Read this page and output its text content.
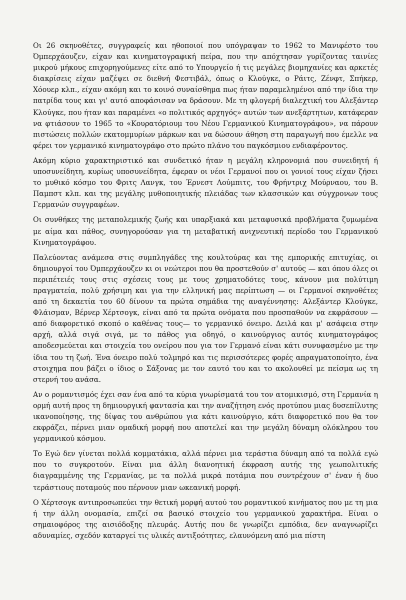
Οι 26 σκηνοθέτες, συγγραφείς και ηθοποιοί που υπόγραψαν το 1962 το Μανιφέστο του Όμπερχάουζεν, είχαν και κινηματογραφική πείρα, που την απόχτησαν γυρίζοντας ταινίες μικρού μήκους επιχορηγούμενες είτε από το Υπουργείο ή τις μεγάλες βιομηχανίες και αρκετές διακρίσεις είχαν μαζέψει σε διεθνή Φεστιβάλ, όπως ο Κλούγκε, ο Ράιτς, Ζένφτ, Σπήκερ, Χόουερ κλπ., είχαν ακόμη και το κοινό συναίσθημα πως ήταν παραμελημένοι από την ίδια την πατρίδα τους και γι' αυτό αποφάσισαν να δράσουν. Με τη φλογερή διαλεχτική του Αλεξάντερ Κλούγκε, που ήταν και παραμένει «ο πολιτικός αρχηγός» αυτών των ανεξάρτητων, κατάφεραν να φτιάσουν το 1965 το «Κουρατόριουμ του Νέου Γερμανικού Κινηματογράφου», να πάρουν πιστώσεις πολλών εκατομμυρίων μάρκων και να δώσουν άθηση στη παραγωγή που έμελλε να φέρει τον γερμανικό κινηματογράφο στο πρώτο πλάνο του παγκόσμιου ενδιαφέροντος.

Ακόμη κύριο χαρακτηριστικό και συνδετικό ήταν η μεγάλη κληρονομιά που συνειδητή ή υποσυνείδητη, κυρίως υποσυνείδητα, έφεραν οι νέοι Γερμανοί που οι γονιοί τους είχαν ζήσει το μυθικό κόσμο του Φριτς Λανγκ, του Έρνεστ Λούμπιτς, του Φρήντριχ Μούρναου, του Β. Παμπστ κλπ. και της μεγάλης μυθοποιητικής πλειάδας των κλασσικών και σύγχρονων τους Γερμανών συγγραφέων.

Οι συνθήκες της μεταπολεμικής ζωής και υπαρξιακά και μεταφυσικά προβλήματα ζυμωμένα με αίμα και πάθος, συνηγορούσαν για τη μεταβατική ανιχνευτική περίοδο του Γερμανικού Κινηματογράφου.

Παλεύοντας ανάμεσα στις συμπληγάδες της κουλτούρας και της εμπορικής επιτυχίας, οι δημιουργοί του Όμπερχάουζεν κι οι νεώτεροι που θα προστεθούν σ' αυτούς — και όπου όλες οι περιπέτειές τους στις σχέσεις τους με τους χρηματοδότες τους, κάνουν μια πολύτιμη πραγματεία, πολύ χρήσιμη και για την ελληνική μας περίπτωση — οι Γερμανοί σκηνοθέτες από τη δεκαετία του 60 δίνουν τα πρώτα σημάδια της αναγέννησης: Αλεξάντερ Κλούγκε, Φλάισμαν, Βέρνερ Χέρτσογκ, είναι από τα πρώτα ονόματα που προσπαθούν να εκφράσουν —από διαφορετικό σκοπό ο καθένας τους— το γερμανικό όνειρο. Δειλά και μ' ασάφεια στην αρχή, αλλά σιγά σιγά, με το πάθος για οδηγό, ο καινούργιος αυτός κινηματογράφος αποδεσμεύεται και στοιχεία του ονείρου που για τον Γερμανό είναι κάτι συνυφασμένο με την ίδια του τη ζωή. Ένα όνειρο πολύ τολμηρό και τις περισσότερες φορές απραγματοποίητο, ένα στοιχημα που βάζει ο ίδιος ο Σάξονας με τον εαυτό του και το ακολουθεί με πείσμα ως τη στερνή του ανάσα.

Αν ο ρομαντισμός έχει σαν ένα από τα κύρια γνωρίσματά του τον ατομικισμό, στη Γερμανία η ορμή αυτή προς τη δημιουργική φαντασία και την αναζήτηση ενός προτύπου μιας δυσεπίλυτης ικανοποίησης, της δίψας του ανθρώπου για κάτι καινούργιο, κάτι διαφορετικό που θα τον εκφράζει, πέρνει μιαν ομαδική μορφή που αποτελεί και την μεγάλη δύναμη ολόκληρου του γερμανικού κόσμου.

Το Εγώ δεν γίνεται πολλά κομματάκια, αλλά πέρνει μια τεράστια δύναμη από τα πολλά εγώ που το συγκροτούν. Είναι μια άλλη διανοητική έκφραση αυτής της γεωπολιτικής διαγραμμένης της Γερμανίας, με τα πολλά μικρά ποτάμια που συντρέχουν σ' έναν ή δυο τεράστιους ποταμούς που πέρνουν μιαν ωκεανική μορφή.

Ο Χέρτσογκ αντιπροσωπεύει την θετική μορφή αυτού του ρομαντικού κινήματος που με τη μια ή την άλλη ονομασία, επιζεί σα βασικό στοιχείο του γερμανικού χαρακτήρα. Είναι ο σημαιοφόρος της αισιόδοξης πλευράς. Αυτής που δε γνωρίζει εμπόδια, δεν αναγνωρίζει αδυναμίες, σχεδόν καταργεί τις υλικές αντιξοότητες, ελαυνόμενη από μια πίστη
